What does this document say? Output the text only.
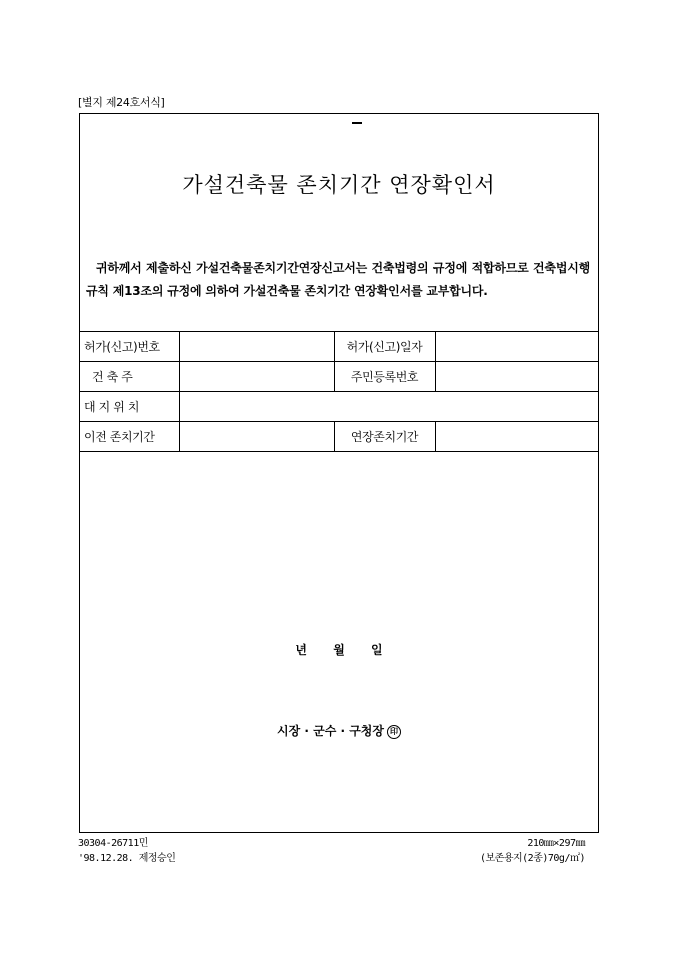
[별지 제24호서식]
가설건축물 존치기간 연장확인서
귀하께서 제출하신 가설건축물존치기간연장신고서는 건축법령의 규정에 적합하므로 건축법시행규칙 제13조의 규정에 의하여 가설건축물 존치기간 연장확인서를 교부합니다.
허가(신고)번호		허가(신고)일자	
건 축 주		주민등록번호	
대 지 위 치			
이전 존치기간		연장존치기간	
년 월 일
시장 · 군수 · 구청장 印
30304-26711민
'98.12.28. 제정승인
210㎜×297㎜
(보존용지(2종)70g/㎡)
